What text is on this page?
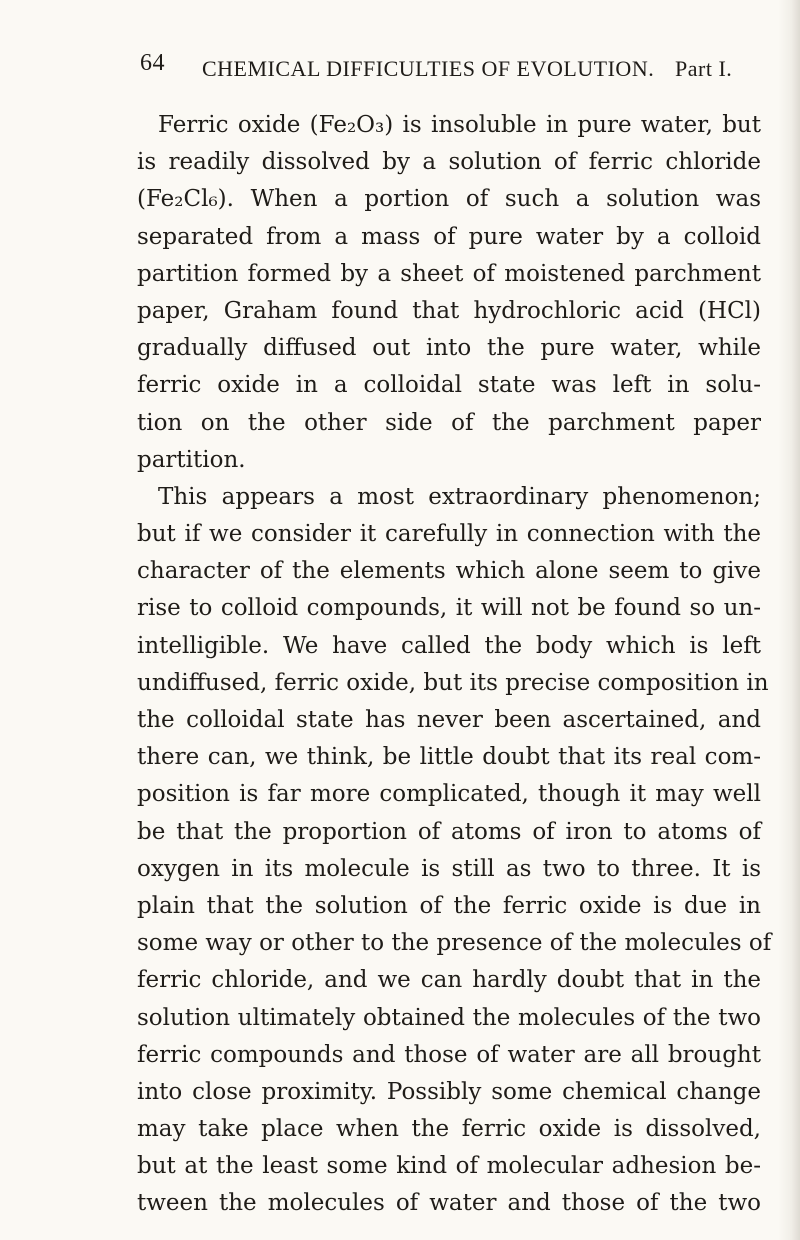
64 CHEMICAL DIFFICULTIES OF EVOLUTION. Part I.
Ferric oxide (Fe₂O₃) is insoluble in pure water, but
is readily dissolved by a solution of ferric chloride
(Fe₂Cl₆). When a portion of such a solution was
separated from a mass of pure water by a colloid
partition formed by a sheet of moistened parchment
paper, Graham found that hydrochloric acid (HCl)
gradually diffused out into the pure water, while
ferric oxide in a colloidal state was left in solu-
tion on the other side of the parchment paper
partition.
This appears a most extraordinary phenomenon;
but if we consider it carefully in connection with the
character of the elements which alone seem to give
rise to colloid compounds, it will not be found so un-
intelligible. We have called the body which is left
undiffused, ferric oxide, but its precise composition in
the colloidal state has never been ascertained, and
there can, we think, be little doubt that its real com-
position is far more complicated, though it may well
be that the proportion of atoms of iron to atoms of
oxygen in its molecule is still as two to three. It is
plain that the solution of the ferric oxide is due in
some way or other to the presence of the molecules of
ferric chloride, and we can hardly doubt that in the
solution ultimately obtained the molecules of the two
ferric compounds and those of water are all brought
into close proximity. Possibly some chemical change
may take place when the ferric oxide is dissolved,
but at the least some kind of molecular adhesion be-
tween the molecules of water and those of the two
